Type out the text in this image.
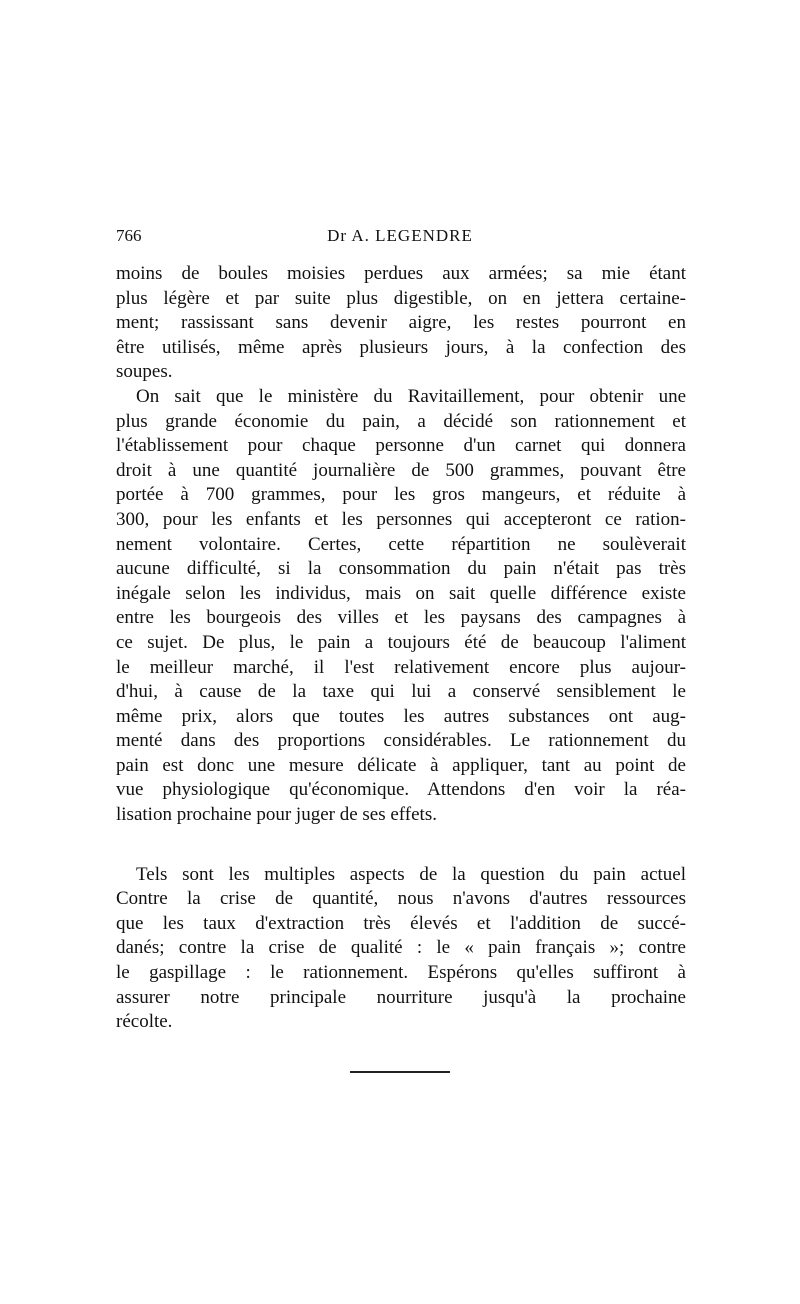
766	Dr A. LEGENDRE
moins de boules moisies perdues aux armées; sa mie étant
plus légère et par suite plus digestible, on en jettera certaine-
ment; rassissant sans devenir aigre, les restes pourront en
être utilisés, même après plusieurs jours, à la confection des
soupes.
On sait que le ministère du Ravitaillement, pour obtenir une
plus grande économie du pain, a décidé son rationnement et
l'établissement pour chaque personne d'un carnet qui donnera
droit à une quantité journalière de 500 grammes, pouvant être
portée à 700 grammes, pour les gros mangeurs, et réduite à
300, pour les enfants et les personnes qui accepteront ce ration-
nement volontaire. Certes, cette répartition ne soulèverait
aucune difficulté, si la consommation du pain n'était pas très
inégale selon les individus, mais on sait quelle différence existe
entre les bourgeois des villes et les paysans des campagnes à
ce sujet. De plus, le pain a toujours été de beaucoup l'aliment
le meilleur marché, il l'est relativement encore plus aujour-
d'hui, à cause de la taxe qui lui a conservé sensiblement le
même prix, alors que toutes les autres substances ont aug-
menté dans des proportions considérables. Le rationnement du
pain est donc une mesure délicate à appliquer, tant au point de
vue physiologique qu'économique. Attendons d'en voir la réa-
lisation prochaine pour juger de ses effets.
Tels sont les multiples aspects de la question du pain actuel
Contre la crise de quantité, nous n'avons d'autres ressources
que les taux d'extraction très élevés et l'addition de succé-
danés; contre la crise de qualité : le « pain français »; contre
le gaspillage : le rationnement. Espérons qu'elles suffiront à
assurer notre principale nourriture jusqu'à la prochaine
récolte.
